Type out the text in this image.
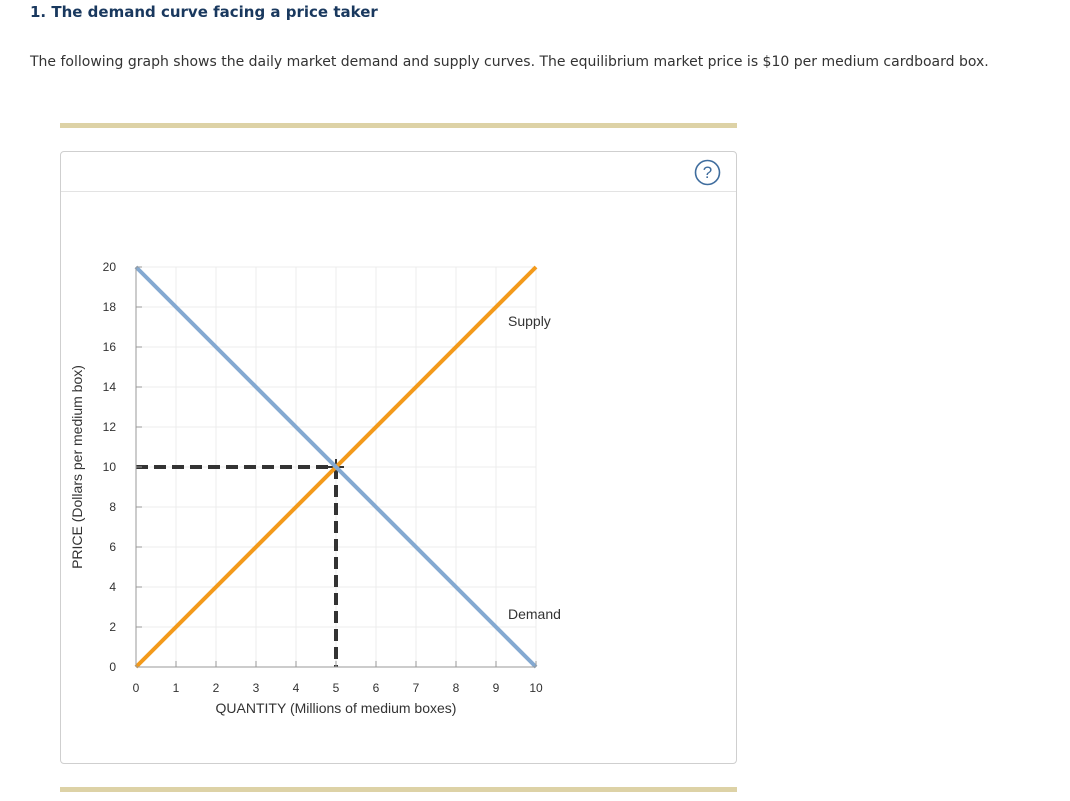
1. The demand curve facing a price taker

The following graph shows the daily market demand and supply curves. The equilibrium market price is $10 per medium cardboard box.

?
0	1	2	3	4	5	6	7	8	9 10
0
2
4
6
8
10
12
14
16
18
20
PRICE (Dollars per medium box)
QUANTITY (Millions of medium boxes)
Supply
Demand
